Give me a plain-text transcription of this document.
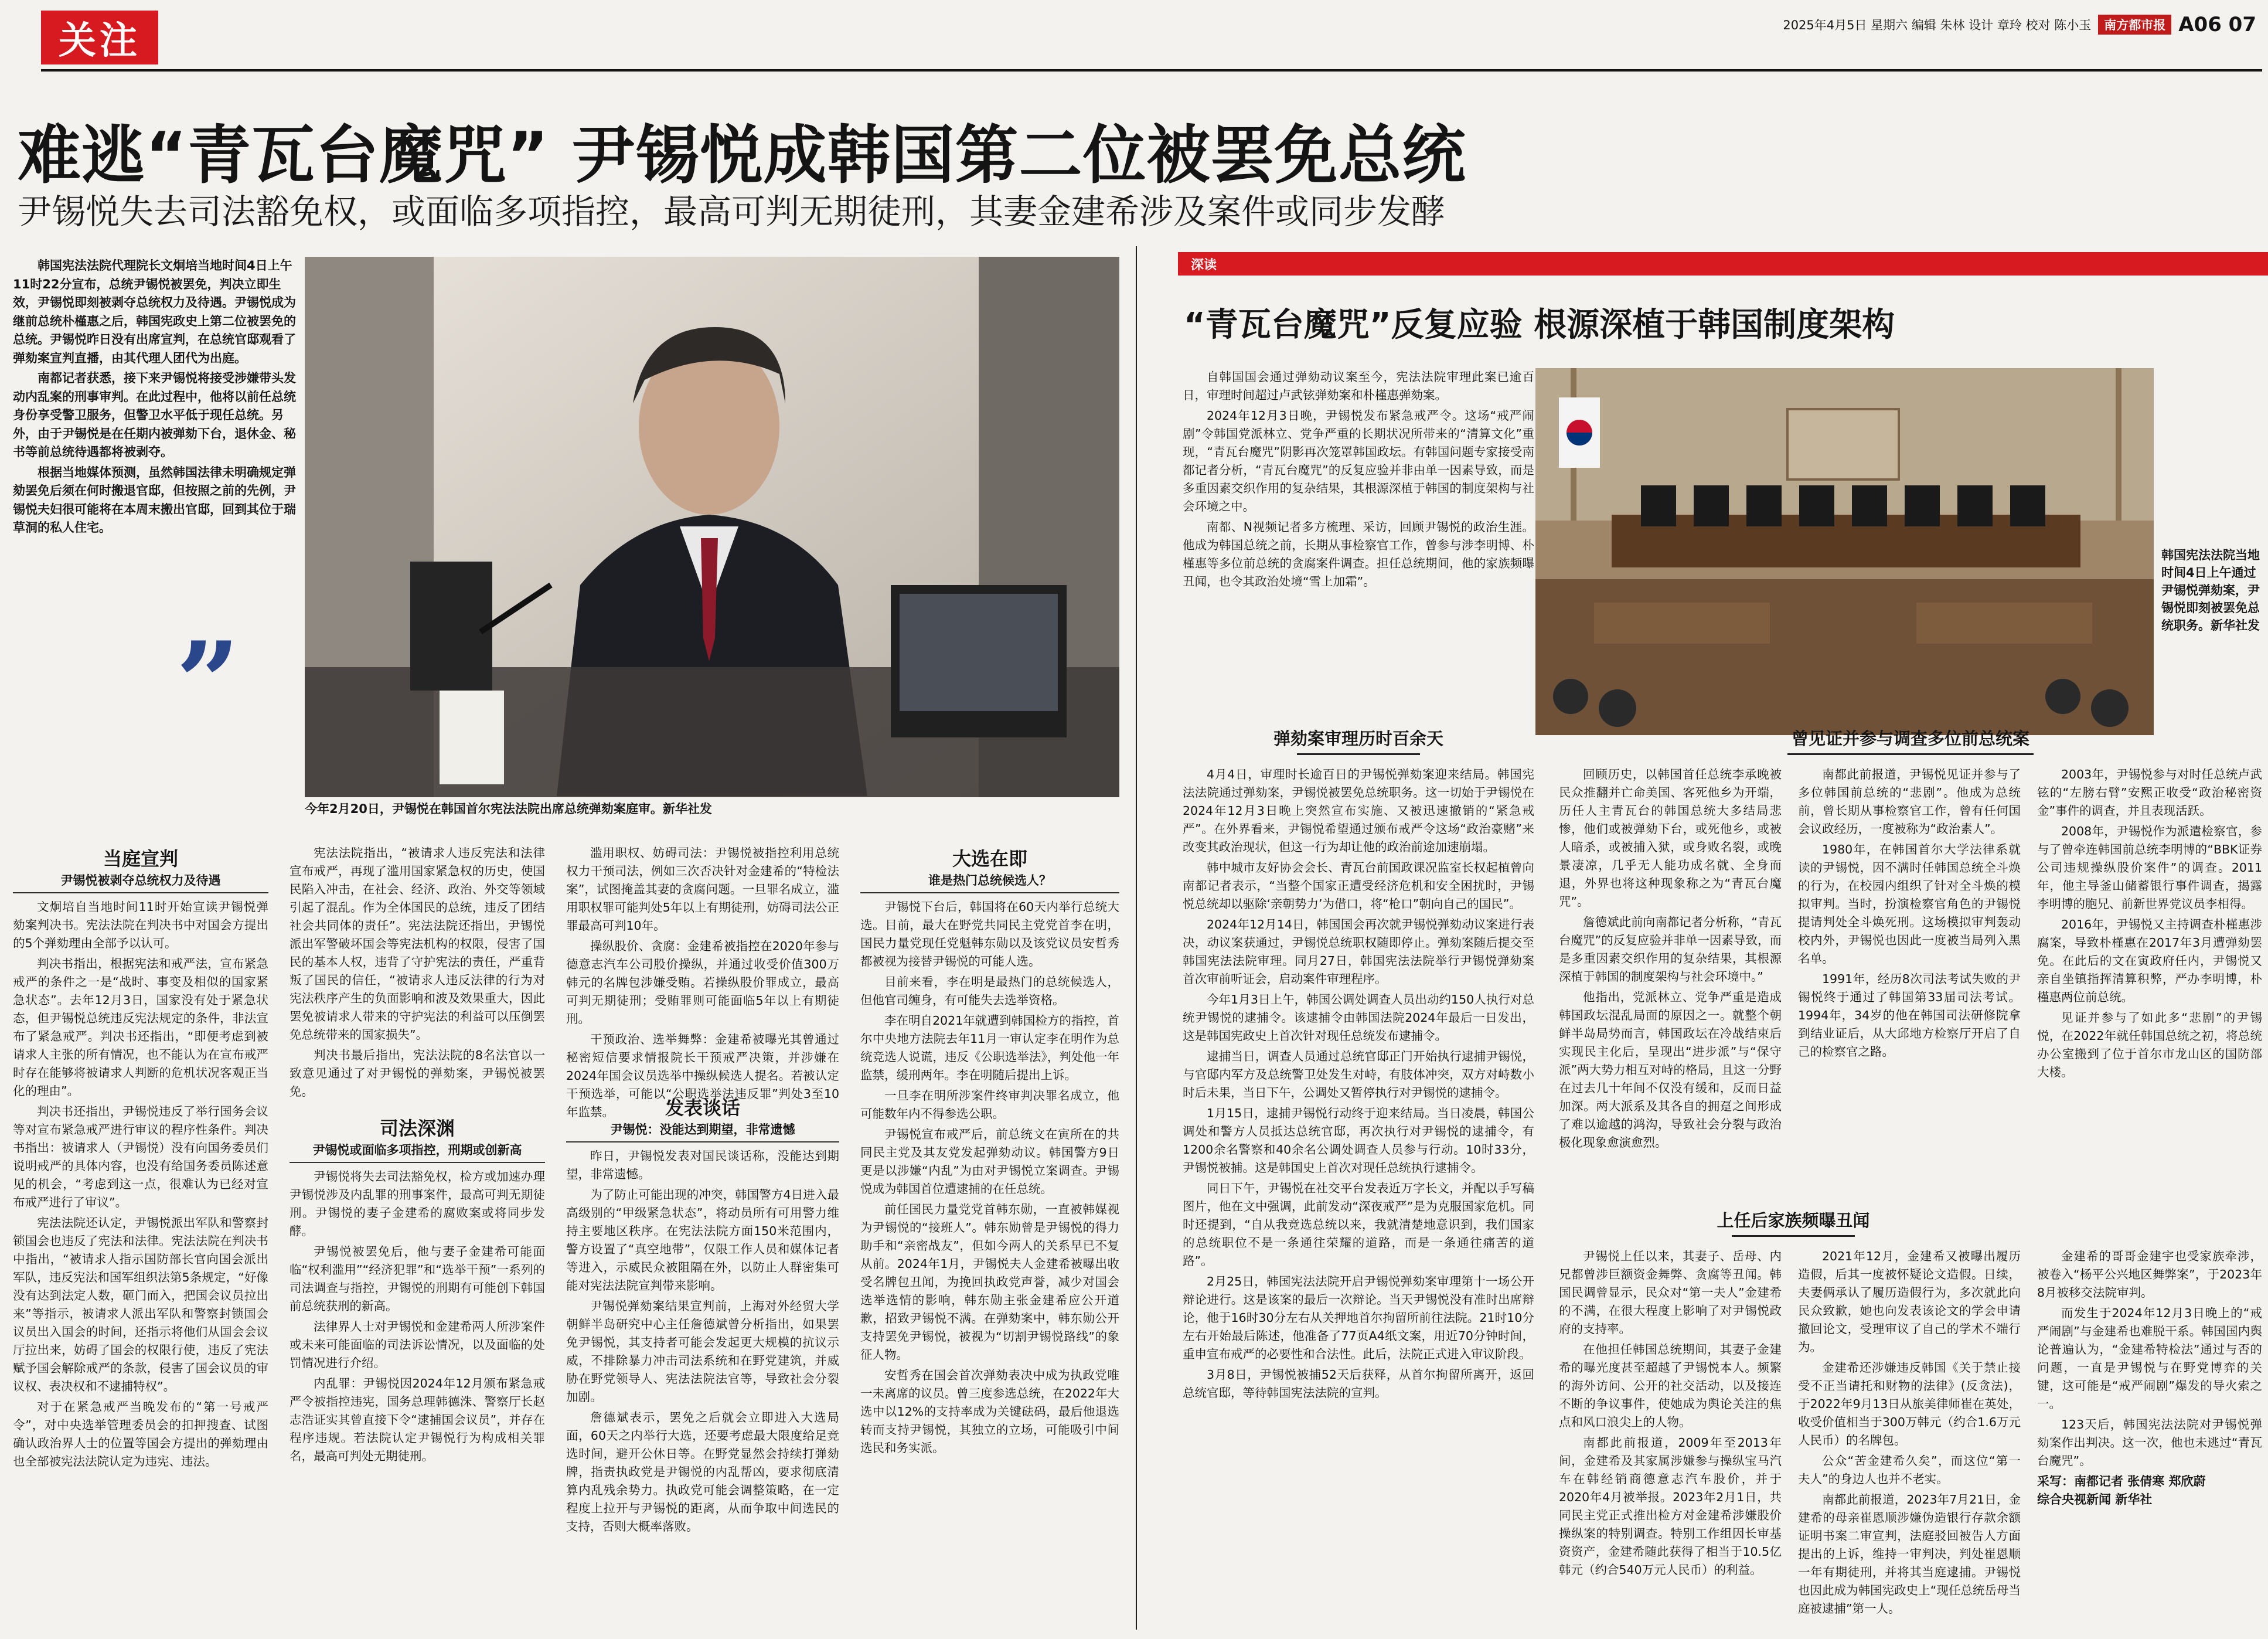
关注	2025年4月5日 星期六 编辑 朱林 设计 章玲 校对 陈小玉	南方都市报 A06 07
难逃“青瓦台魔咒” 尹锡悦成韩国第二位被罢免总统
尹锡悦失去司法豁免权，或面临多项指控，最高可判无期徒刑，其妻金建希涉及案件或同步发酵

韩国宪法法院代理院长文炯培当地时间4日上午11时22分宣布，总统尹锡悦被罢免，判决立即生效，尹锡悦即刻被剥夺总统权力及待遇。尹锡悦成为继前总统朴槿惠之后，韩国宪政史上第二位被罢免的总统。尹锡悦昨日没有出席宣判，在总统官邸观看了弹劾案宣判直播，由其代理人团代为出庭。

南都记者获悉，接下来尹锡悦将接受涉嫌带头发动内乱案的刑事审判。在此过程中，他将以前任总统身份享受警卫服务，但警卫水平低于现任总统。另外，由于尹锡悦是在任期内被弹劾下台，退休金、秘书等前总统待遇都将被剥夺。

根据当地媒体预测，虽然韩国法律未明确规定弹劾罢免后须在何时搬退官邸，但按照之前的先例，尹锡悦夫妇很可能将在本周末搬出官邸，回到其位于瑞草洞的私人住宅。

”
今年2月20日，尹锡悦在韩国首尔宪法法院出席总统弹劾案庭审。新华社发
当庭宣判
尹锡悦被剥夺总统权力及待遇

文炯培自当地时间11时开始宣读尹锡悦弹劾案判决书。宪法法院在判决书中对国会方提出的5个弹劾理由全部予以认可。

判决书指出，根据宪法和戒严法，宣布紧急戒严的条件之一是“战时、事变及相似的国家紧急状态”。去年12月3日，国家没有处于紧急状态，但尹锡悦总统违反宪法规定的条件，非法宣布了紧急戒严。判决书还指出，“即便考虑到被请求人主张的所有情况，也不能认为在宣布戒严时存在能够将被请求人判断的危机状况客观正当化的理由”。

判决书还指出，尹锡悦违反了举行国务会议等对宣布紧急戒严进行审议的程序性条件。判决书指出：被请求人（尹锡悦）没有向国务委员们说明戒严的具体内容，也没有给国务委员陈述意见的机会，“考虑到这一点，很难认为已经对宣布戒严进行了审议”。

宪法法院还认定，尹锡悦派出军队和警察封锁国会也违反了宪法和法律。宪法法院在判决书中指出，“被请求人指示国防部长官向国会派出军队，违反宪法和国军组织法第5条规定，“好像没有达到法定人数，砸门而入，把国会议员拉出来”等指示，被请求人派出军队和警察封锁国会议员出入国会的时间，还指示将他们从国会会议厅拉出来，妨碍了国会的权限行使，违反了宪法赋予国会解除戒严的条款，侵害了国会议员的审议权、表决权和不逮捕特权”。

对于在紧急戒严当晚发布的“第一号戒严令”，对中央选举管理委员会的扣押搜查、试图确认政治界人士的位置等国会方提出的弹劾理由也全部被宪法法院认定为违宪、违法。

宪法法院指出，“被请求人违反宪法和法律宣布戒严，再现了滥用国家紧急权的历史，使国民陷入冲击，在社会、经济、政治、外交等领域引起了混乱。作为全体国民的总统，违反了团结社会共同体的责任”。宪法法院还指出，尹锡悦派出军警破坏国会等宪法机构的权限，侵害了国民的基本人权，违背了守护宪法的责任，严重背叛了国民的信任，“被请求人违反法律的行为对宪法秩序产生的负面影响和波及效果重大，因此罢免被请求人带来的守护宪法的利益可以压倒罢免总统带来的国家损失”。

判决书最后指出，宪法法院的8名法官以一致意见通过了对尹锡悦的弹劾案，尹锡悦被罢免。

司法深渊
尹锡悦或面临多项指控，刑期或创新高

尹锡悦将失去司法豁免权，检方或加速办理尹锡悦涉及内乱罪的刑事案件，最高可判无期徒刑。尹锡悦的妻子金建希的腐败案或将同步发酵。

尹锡悦被罢免后，他与妻子金建希可能面临“权利滥用”“经济犯罪”和“选举干预”一系列的司法调查与指控，尹锡悦的刑期有可能创下韩国前总统获刑的新高。

法律界人士对尹锡悦和金建希两人所涉案件或未来可能面临的司法诉讼情况，以及面临的处罚情况进行介绍。

内乱罪：尹锡悦因2024年12月颁布紧急戒严令被指控违宪，国务总理韩德洙、警察厅长赵志浩证实其曾直接下令“逮捕国会议员”，并存在程序违规。若法院认定尹锡悦行为构成相关罪名，最高可判处无期徒刑。

滥用职权、妨碍司法：尹锡悦被指控利用总统权力干预司法，例如三次否决针对金建希的“特检法案”，试图掩盖其妻的贪腐问题。一旦罪名成立，滥用职权罪可能判处5年以上有期徒刑，妨碍司法公正罪最高可判10年。

操纵股价、贪腐：金建希被指控在2020年参与德意志汽车公司股价操纵，并通过收受价值300万韩元的名牌包涉嫌受贿。若操纵股价罪成立，最高可判无期徒刑；受贿罪则可能面临5年以上有期徒刑。

干预政治、选举舞弊：金建希被曝光其曾通过秘密短信要求情报院长干预戒严决策，并涉嫌在2024年国会议员选举中操纵候选人提名。若被认定干预选举，可能以“公职选举法违反罪”判处3至10年监禁。	发表谈话
尹锡悦：没能达到期望，非常遗憾

昨日，尹锡悦发表对国民谈话称，没能达到期望，非常遗憾。

为了防止可能出现的冲突，韩国警方4日进入最高级别的“甲级紧急状态”，将动员所有可用警力维持主要地区秩序。在宪法法院方面150米范围内，警方设置了“真空地带”，仅限工作人员和媒体记者等进入，示威民众被阻隔在外，以防止人群密集可能对宪法法院宣判带来影响。

尹锡悦弹劾案结果宣判前，上海对外经贸大学朝鲜半岛研究中心主任詹德斌曾分析指出，如果罢免尹锡悦，其支持者可能会发起更大规模的抗议示威，不排除暴力冲击司法系统和在野党建筑，并威胁在野党领导人、宪法法院法官等，导致社会分裂加剧。

詹德斌表示，罢免之后就会立即进入大选局面，60天之内举行大选，还要考虑最大限度给足竞选时间，避开公休日等。在野党显然会持续打弹劾牌，指责执政党是尹锡悦的内乱帮凶，要求彻底清算内乱残余势力。执政党可能会调整策略，在一定程度上拉开与尹锡悦的距离，从而争取中间选民的支持，否则大概率落败。

大选在即
谁是热门总统候选人？

尹锡悦下台后，韩国将在60天内举行总统大选。目前，最大在野党共同民主党党首李在明，国民力量党现任党魁韩东勋以及该党议员安哲秀都被视为接替尹锡悦的可能人选。

目前来看，李在明是最热门的总统候选人，但他官司缠身，有可能失去选举资格。

李在明自2021年就遭到韩国检方的指控，首尔中央地方法院去年11月一审认定李在明作为总统竞选人说谎，违反《公职选举法》，判处他一年监禁，缓刑两年。李在明随后提出上诉。

一旦李在明所涉案件终审判决罪名成立，他可能数年内不得参选公职。

尹锡悦宣布戒严后，前总统文在寅所在的共同民主党及其友党发起弹劾动议。韩国警方9日更是以涉嫌“内乱”为由对尹锡悦立案调查。尹锡悦成为韩国首位遭逮捕的在任总统。

前任国民力量党党首韩东勋，一直被韩媒视为尹锡悦的“接班人”。韩东勋曾是尹锡悦的得力助手和“亲密战友”，但如今两人的关系早已不复从前。2024年1月，尹锡悦夫人金建希被曝出收受名牌包丑闻，为挽回执政党声誉，减少对国会选举选情的影响，韩东勋主张金建希应公开道歉，招致尹锡悦不满。在弹劾案中，韩东勋公开支持罢免尹锡悦，被视为“切割尹锡悦路线”的象征人物。

安哲秀在国会首次弹劾表决中成为执政党唯一未离席的议员。曾三度参选总统，在2022年大选中以12%的支持率成为关键砝码，最后他退选转而支持尹锡悦，其独立的立场，可能吸引中间选民和务实派。

深读
“青瓦台魔咒”反复应验 根源深植于韩国制度架构

自韩国国会通过弹劾动议案至今，宪法法院审理此案已逾百日，审理时间超过卢武铉弹劾案和朴槿惠弹劾案。

2024年12月3日晚，尹锡悦发布紧急戒严令。这场“戒严闹剧”令韩国党派林立、党争严重的长期状况所带来的“清算文化”重现，“青瓦台魔咒”阴影再次笼罩韩国政坛。有韩国问题专家接受南都记者分析，“青瓦台魔咒”的反复应验并非由单一因素导致，而是多重因素交织作用的复杂结果，其根源深植于韩国的制度架构与社会环境之中。

南都、N视频记者多方梳理、采访，回顾尹锡悦的政治生涯。他成为韩国总统之前，长期从事检察官工作，曾参与涉李明博、朴槿惠等多位前总统的贪腐案件调查。担任总统期间，他的家族频曝丑闻，也令其政治处境“雪上加霜”。

韩国宪法法院当地时间4日上午通过尹锡悦弹劾案，尹锡悦即刻被罢免总统职务。新华社发
弹劾案审理历时百余天

4月4日，审理时长逾百日的尹锡悦弹劾案迎来结局。韩国宪法法院通过弹劾案，尹锡悦被罢免总统职务。这一切始于尹锡悦在2024年12月3日晚上突然宣布实施、又被迅速撤销的“紧急戒严”。在外界看来，尹锡悦希望通过颁布戒严令这场“政治豪赌”来改变其政治现状，但这一行为却让他的政治前途加速崩塌。

韩中城市友好协会会长、青瓦台前国政课况监室长权起植曾向南都记者表示，“当整个国家正遭受经济危机和安全困扰时，尹锡悦总统却以驱除‘亲朝势力’为借口，将“枪口”朝向自己的国民”。

2024年12月14日，韩国国会再次就尹锡悦弹劾动议案进行表决，动议案获通过，尹锡悦总统职权随即停止。弹劾案随后提交至韩国宪法法院审理。同月27日，韩国宪法法院举行尹锡悦弹劾案首次审前听证会，启动案件审理程序。

今年1月3日上午，韩国公调处调查人员出动约150人执行对总统尹锡悦的逮捕令。该逮捕令由韩国法院2024年最后一日发出，这是韩国宪政史上首次针对现任总统发布逮捕令。

逮捕当日，调查人员通过总统官邸正门开始执行逮捕尹锡悦，与官邸内军方及总统警卫处发生对峙，有肢体冲突，双方对峙数小时后未果，当日下午，公调处又暂停执行对尹锡悦的逮捕令。

1月15日，逮捕尹锡悦行动终于迎来结局。当日凌晨，韩国公调处和警方人员抵达总统官邸，再次执行对尹锡悦的逮捕令，有1200余名警察和40余名公调处调查人员参与行动。10时33分，尹锡悦被捕。这是韩国史上首次对现任总统执行逮捕令。

同日下午，尹锡悦在社交平台发表近万字长文，并配以手写稿图片，他在文中强调，此前发动“深夜戒严”是为克服国家危机。同时还提到，“自从我竞选总统以来，我就清楚地意识到，我们国家的总统职位不是一条通往荣耀的道路，而是一条通往痛苦的道路”。

2月25日，韩国宪法法院开启尹锡悦弹劾案审理第十一场公开辩论进行。这是该案的最后一次辩论。当天尹锡悦没有准时出席辩论，他于16时30分左右从关押地首尔拘留所前往法院。21时10分左右开始最后陈述，他准备了77页A4纸文案，用近70分钟时间，重申宣布戒严的必要性和合法性。此后，法院正式进入审议阶段。

3月8日，尹锡悦被捕52天后获释，从首尔拘留所离开，返回总统官邸，等待韩国宪法法院的宣判。

曾见证并参与调查多位前总统案

回顾历史，以韩国首任总统李承晚被民众推翻并亡命美国、客死他乡为开端，历任人主青瓦台的韩国总统大多结局悲惨，他们或被弹劾下台，或死他乡，或被人暗杀，或被捕入狱，或身败名裂，或晚景凄凉，几乎无人能功成名就、全身而退，外界也将这种现象称之为“青瓦台魔咒”。

詹德斌此前向南都记者分析称，“青瓦台魔咒”的反复应验并非单一因素导致，而是多重因素交织作用的复杂结果，其根源深植于韩国的制度架构与社会环境中。”

他指出，党派林立、党争严重是造成韩国政坛混乱局面的原因之一。就整个朝鲜半岛局势而言，韩国政坛在冷战结束后实现民主化后，呈现出“进步派”与“保守派”两大势力相互对峙的格局，且这一分野在过去几十年间不仅没有缓和，反而日益加深。两大派系及其各自的拥趸之间形成了难以逾越的鸿沟，导致社会分裂与政治极化现象愈演愈烈。

南都此前报道，尹锡悦见证并参与了多位韩国前总统的“悲剧”。他成为总统前，曾长期从事检察官工作，曾有任何国会议政经历，一度被称为“政治素人”。

1980年，在韩国首尔大学法律系就读的尹锡悦，因不满时任韩国总统全斗焕的行为，在校园内组织了针对全斗焕的模拟审判。当时，扮演检察官角色的尹锡悦提请判处全斗焕死刑。这场模拟审判轰动校内外，尹锡悦也因此一度被当局列入黑名单。

1991年，经历8次司法考试失败的尹锡悦终于通过了韩国第33届司法考试。1994年，34岁的他在韩国司法研修院拿到结业证后，从大邱地方检察厅开启了自己的检察官之路。

2003年，尹锡悦参与对时任总统卢武铉的“左膀右臂”安熙正收受“政治秘密资金”事件的调查，并且表现活跃。

2008年，尹锡悦作为派遣检察官，参与了曾牵连韩国前总统李明博的“BBK证券公司违规操纵股价案件”的调查。2011年，他主导釜山储蓄银行事件调查，揭露李明博的胞兄、前新世界党议员李相得。

2016年，尹锡悦又主持调查朴槿惠涉腐案，导致朴槿惠在2017年3月遭弹劾罢免。在此后的文在寅政府任内，尹锡悦又亲自坐镇指挥清算积弊，严办李明博，朴槿惠两位前总统。

见证并参与了如此多“悲剧”的尹锡悦，在2022年就任韩国总统之初，将总统办公室搬到了位于首尔市龙山区的国防部大楼。

上任后家族频曝丑闻

尹锡悦上任以来，其妻子、岳母、内兄都曾涉巨额资金舞弊、贪腐等丑闻。韩国民调曾显示，民众对“第一夫人”金建希的不满，在很大程度上影响了对尹锡悦政府的支持率。

在他担任韩国总统期间，其妻子金建希的曝光度甚至超越了尹锡悦本人。频繁的海外访问、公开的社交活动，以及接连不断的争议事件，使她成为舆论关注的焦点和风口浪尖上的人物。

南都此前报道，2009年至2013年间，金建希及其家属涉嫌参与操纵宝马汽车在韩经销商德意志汽车股价，并于2020年4月被举报。2023年2月1日，共同民主党正式推出检方对金建希涉嫌股价操纵案的特别调查。特别工作组因长审基资资产，金建希随此获得了相当于10.5亿韩元（约合540万元人民币）的利益。

2021年12月，金建希又被曝出履历造假，后其一度被怀疑论文造假。日续，夫妻俩承认了履历造假行为，多次就此向民众致歉，她也向发表该论文的学会申请撤回论文，受理审议了自己的学术不端行为。

金建希还涉嫌违反韩国《关于禁止接受不正当请托和财物的法律》(反贪法)，于2022年9月13日从旅美律师崔在英处，收受价值相当于300万韩元（约合1.6万元人民币）的名牌包。

公众“苦金建希久矣”，而这位“第一夫人”的身边人也并不老实。

南都此前报道，2023年7月21日，金建希的母亲崔恩顺涉嫌伪造银行存款余额证明书案二审宣判，法庭驳回被告人方面提出的上诉，维持一审判决，判处崔恩顺一年有期徒刑，并将其当庭逮捕。尹锡悦也因此成为韩国宪政史上“现任总统岳母当庭被逮捕”第一人。

金建希的哥哥金建宇也受家族牵涉，被卷入“杨平公兴地区舞弊案”，于2023年8月被移交法院审判。

而发生于2024年12月3日晚上的“戒严闹剧”与金建希也难脱干系。韩国国内舆论普遍认为，“金建希特检法”通过与否的问题，一直是尹锡悦与在野党博弈的关键，这可能是“戒严闹剧”爆发的导火索之一。

123天后，韩国宪法法院对尹锡悦弹劾案作出判决。这一次，他也未逃过“青瓦台魔咒”。

采写：南都记者 张倩寒 郑欣蔚
综合央视新闻 新华社
